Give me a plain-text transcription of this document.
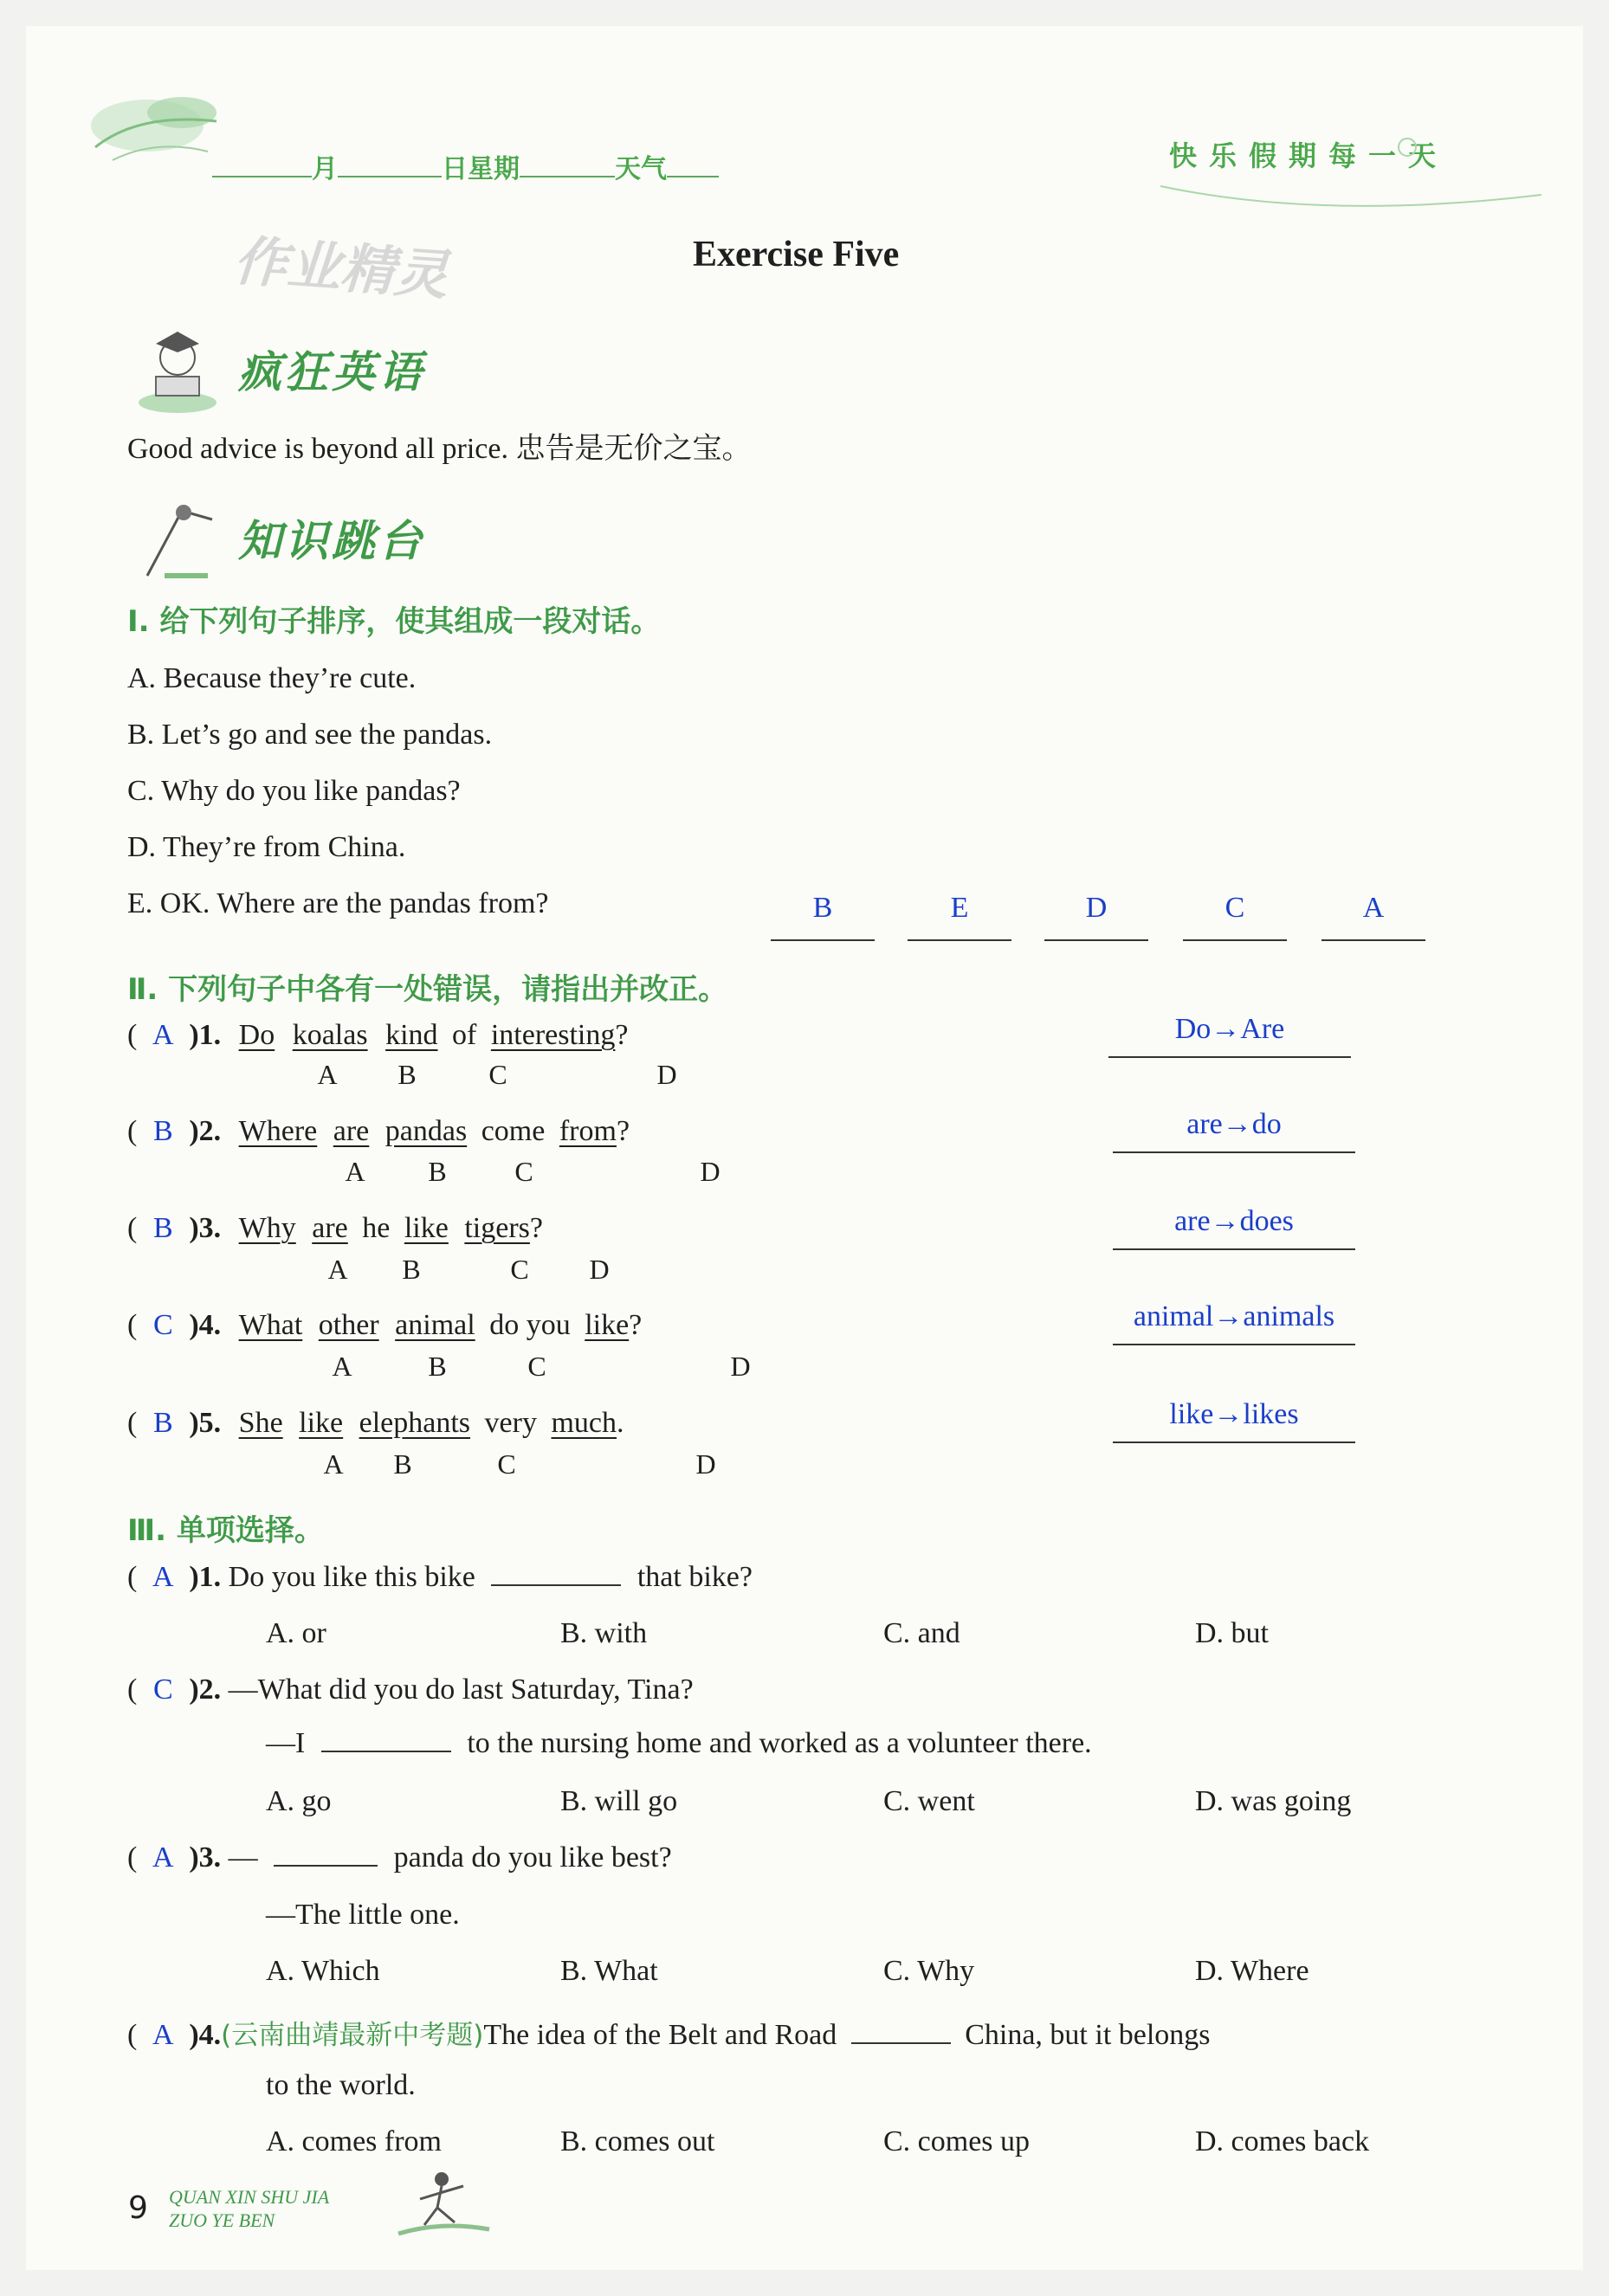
月	日 星期	天气	快乐假期每一天
作业精灵	Exercise Five
疯狂英语
Good advice is beyond all price. 忠告是无价之宝。
知识跳台
Ⅰ. 给下列句子排序，使其组成一段对话。
A. Because they’re cute.
B. Let’s go and see the pandas.
C. Why do you like pandas?
D. They’re from China.
E. OK. Where are the pandas from?	B	E	D	C	A
Ⅱ. 下列句子中各有一处错误，请指出并改正。
( A )1. Do koalas kind of interesting?
A B	C	D
Do→Are
( B )2. Where are pandas come from?
A B C	D
are→do
( B )3. Why are he like tigers?
A B	C D
are→does
( C )4. What other animal do you like?
A	B	C	D
animal→animals
( B )5. She like elephants very much.
A B	C	D
like→likes
Ⅲ. 单项选择。
( A )1. Do you like this bike	that bike?
A. or	B. with	C. and	D. but
( C )2. —What did you do last Saturday, Tina?
—I	to the nursing home and worked as a volunteer there.
A. go	B. will go	C. went	D. was going
( A )3. —	panda do you like best?
—The little one.
A. Which	B. What	C. Why	D. Where
( A )4.(云南曲靖最新中考题)The idea of the Belt and Road	China, but it belongs
to the world.
A. comes from	B. comes out	C. comes up	D. comes back
9 QUAN XIN SHU JIA
ZUO YE BEN
